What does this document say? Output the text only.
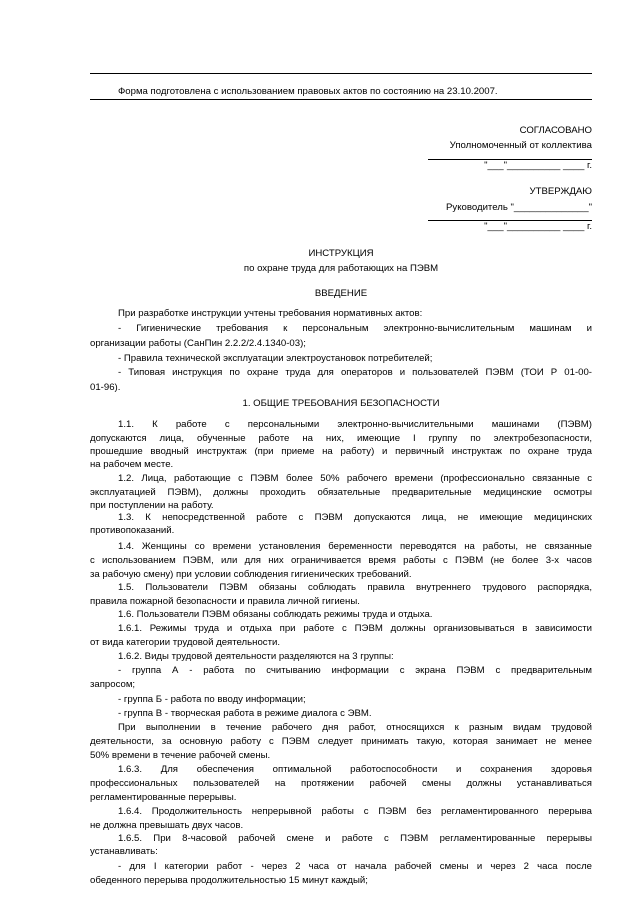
Форма подготовлена с использованием правовых актов по состоянию на 23.10.2007.
СОГЛАСОВАНО
Уполномоченный от коллектива
"___"__________ ____ г.
УТВЕРЖДАЮ
Руководитель "______________"
"___"__________ ____ г.
ИНСТРУКЦИЯ
по охране труда для работающих на ПЭВМ
ВВЕДЕНИЕ
При разработке инструкции учтены требования нормативных актов:
- Гигиенические требования к персональным электронно-вычислительным машинам и
организации работы (СанПин 2.2.2/2.4.1340-03);
- Правила технической эксплуатации электроустановок потребителей;
- Типовая инструкция по охране труда для операторов и пользователей ПЭВМ (ТОИ Р 01-00-
01-96).
1. ОБЩИЕ ТРЕБОВАНИЯ БЕЗОПАСНОСТИ
1.1. К работе с персональными электронно-вычислительными машинами (ПЭВМ)
допускаются лица, обученные работе на них, имеющие I группу по электробезопасности,
прошедшие вводный инструктаж (при приеме на работу) и первичный инструктаж по охране труда
на рабочем месте.
1.2. Лица, работающие с ПЭВМ более 50% рабочего времени (профессионально связанные с
эксплуатацией ПЭВМ), должны проходить обязательные предварительные медицинские осмотры
при поступлении на работу.
1.3. К непосредственной работе с ПЭВМ допускаются лица, не имеющие медицинских
противопоказаний.
1.4. Женщины со времени установления беременности переводятся на работы, не связанные
с использованием ПЭВМ, или для них ограничивается время работы с ПЭВМ (не более 3-х часов
за рабочую смену) при условии соблюдения гигиенических требований.
1.5. Пользователи ПЭВМ обязаны соблюдать правила внутреннего трудового распорядка,
правила пожарной безопасности и правила личной гигиены.
1.6. Пользователи ПЭВМ обязаны соблюдать режимы труда и отдыха.
1.6.1. Режимы труда и отдыха при работе с ПЭВМ должны организовываться в зависимости
от вида категории трудовой деятельности.
1.6.2. Виды трудовой деятельности разделяются на 3 группы:
- группа А - работа по считыванию информации с экрана ПЭВМ с предварительным
запросом;
- группа Б - работа по вводу информации;
- группа В - творческая работа в режиме диалога с ЭВМ.
При выполнении в течение рабочего дня работ, относящихся к разным видам трудовой
деятельности, за основную работу с ПЭВМ следует принимать такую, которая занимает не менее
50% времени в течение рабочей смены.
1.6.3. Для обеспечения оптимальной работоспособности и сохранения здоровья
профессиональных пользователей на протяжении рабочей смены должны устанавливаться
регламентированные перерывы.
1.6.4. Продолжительность непрерывной работы с ПЭВМ без регламентированного перерыва
не должна превышать двух часов.
1.6.5. При 8-часовой рабочей смене и работе с ПЭВМ регламентированные перерывы
устанавливать:
- для I категории работ - через 2 часа от начала рабочей смены и через 2 часа после
обеденного перерыва продолжительностью 15 минут каждый;
